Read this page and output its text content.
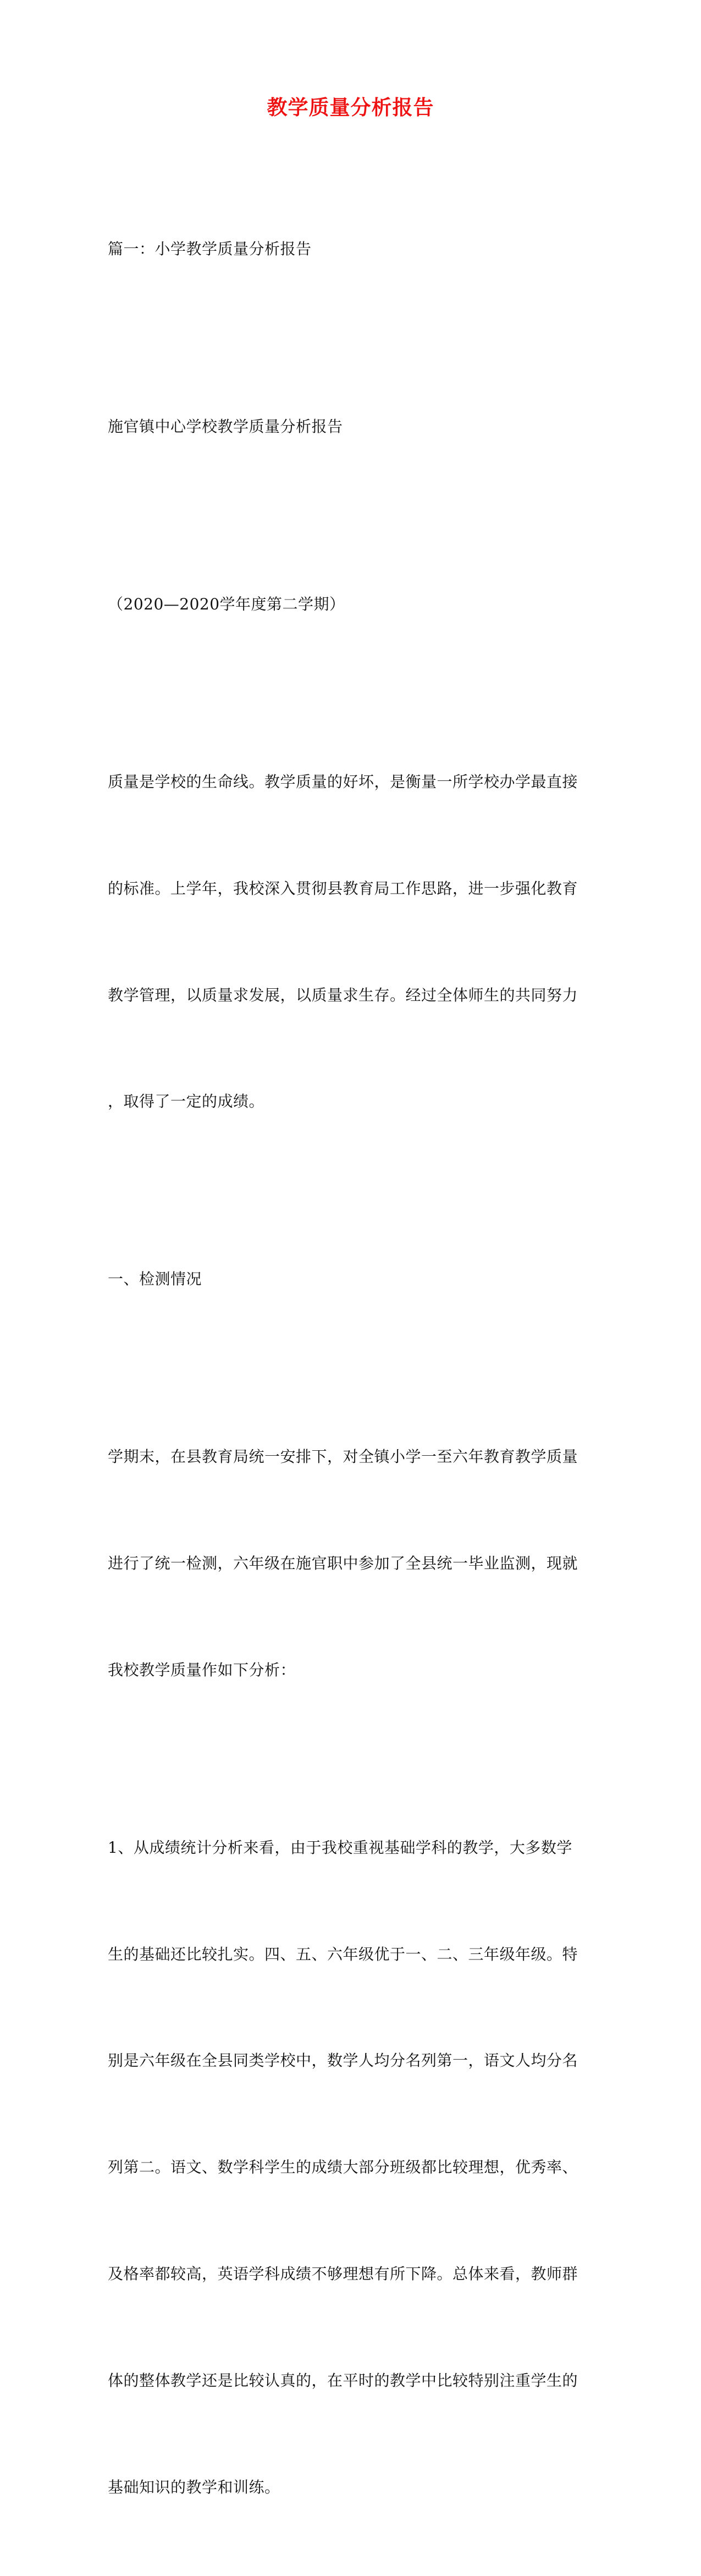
教学质量分析报告

篇一：小学教学质量分析报告

施官镇中心学校教学质量分析报告

（2020—2020学年度第二学期）

质量是学校的生命线。教学质量的好坏，是衡量一所学校办学最直接

的标准。上学年，我校深入贯彻县教育局工作思路，进一步强化教育

教学管理，以质量求发展，以质量求生存。经过全体师生的共同努力

，取得了一定的成绩。

一、检测情况

学期末，在县教育局统一安排下，对全镇小学一至六年教育教学质量

进行了统一检测，六年级在施官职中参加了全县统一毕业监测，现就

我校教学质量作如下分析：

1、从成绩统计分析来看，由于我校重视基础学科的教学，大多数学

生的基础还比较扎实。四、五、六年级优于一、二、三年级年级。特

别是六年级在全县同类学校中，数学人均分名列第一，语文人均分名

列第二。语文、数学科学生的成绩大部分班级都比较理想，优秀率、

及格率都较高，英语学科成绩不够理想有所下降。总体来看，教师群

体的整体教学还是比较认真的，在平时的教学中比较特别注重学生的

基础知识的教学和训练。
